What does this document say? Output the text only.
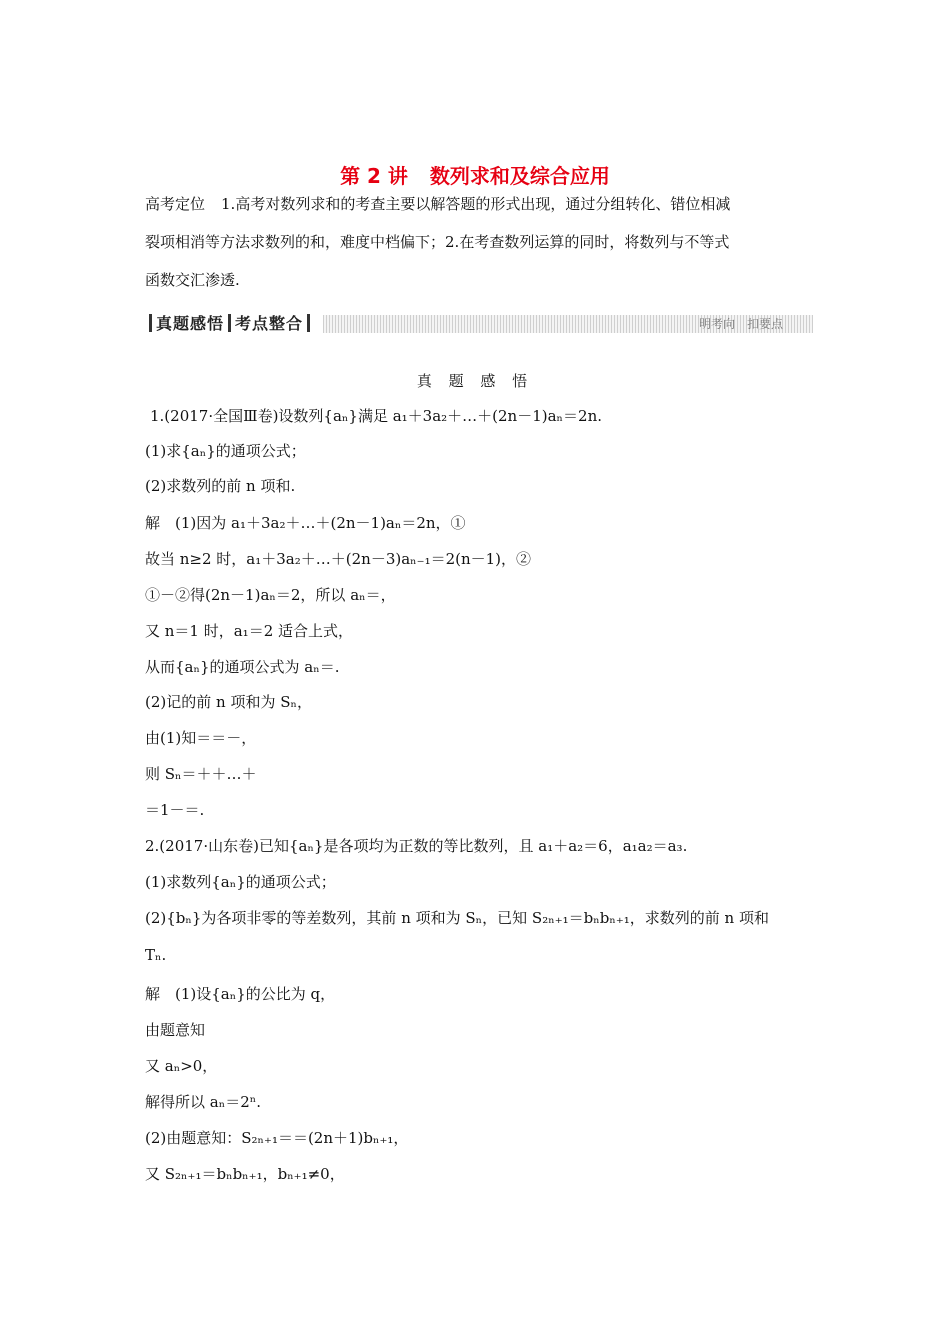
第 2 讲 数列求和及综合应用
高考定位 1.高考对数列求和的考查主要以解答题的形式出现，通过分组转化、错位相减
裂项相消等方法求数列的和，难度中档偏下；2.在考查数列运算的同时，将数列与不等式
函数交汇渗透.
真题感悟 考点整合	明考向 扣要点
真 题 感 悟
1.(2017·全国Ⅲ卷)设数列{aₙ}满足 a₁＋3a₂＋…＋(2n－1)aₙ＝2n.
(1)求{aₙ}的通项公式；
(2)求数列的前 n 项和.
解　(1)因为 a₁＋3a₂＋…＋(2n－1)aₙ＝2n，①
故当 n≥2 时，a₁＋3a₂＋…＋(2n－3)aₙ₋₁＝2(n－1)，②
①－②得(2n－1)aₙ＝2，所以 aₙ＝，
又 n＝1 时，a₁＝2 适合上式，
从而{aₙ}的通项公式为 aₙ＝.
(2)记的前 n 项和为 Sₙ，
由(1)知＝＝－，
则 Sₙ＝＋＋…＋
＝1－＝.
2.(2017·山东卷)已知{aₙ}是各项均为正数的等比数列，且 a₁＋a₂＝6，a₁a₂＝a₃.
(1)求数列{aₙ}的通项公式；
(2){bₙ}为各项非零的等差数列，其前 n 项和为 Sₙ，已知 S₂ₙ₊₁＝bₙbₙ₊₁，求数列的前 n 项和
Tₙ.
解　(1)设{aₙ}的公比为 q，
由题意知
又 aₙ>0，
解得所以 aₙ＝2ⁿ.
(2)由题意知：S₂ₙ₊₁＝＝(2n＋1)bₙ₊₁，
又 S₂ₙ₊₁＝bₙbₙ₊₁，bₙ₊₁≠0，
